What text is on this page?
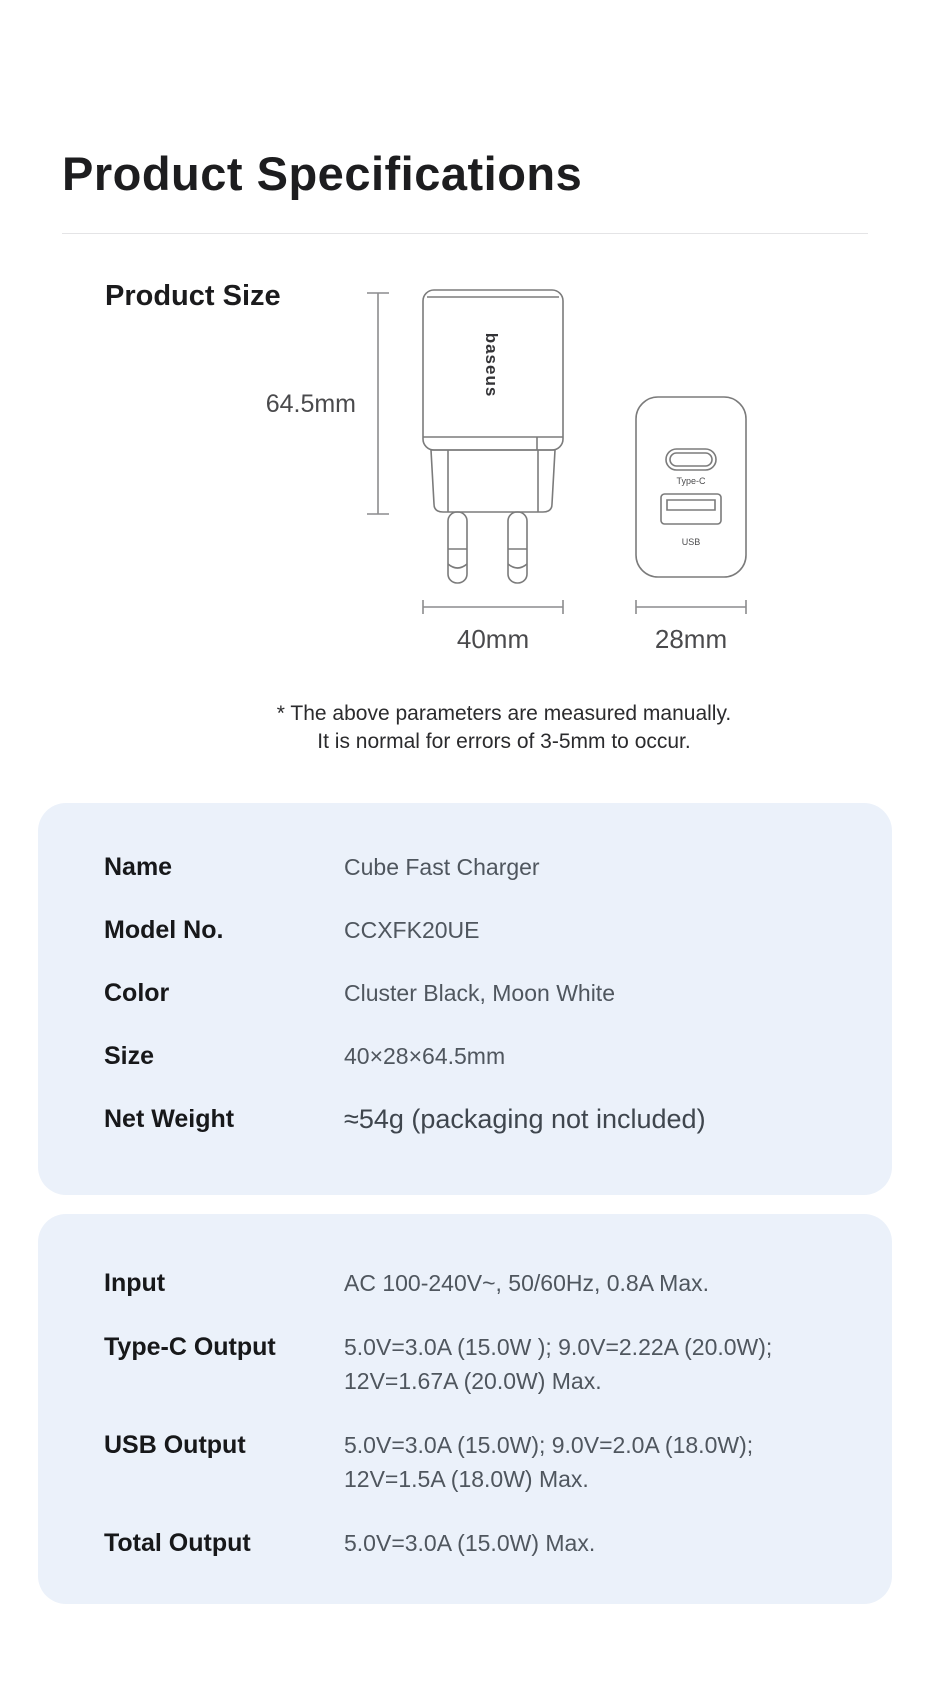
Product Specifications
Product Size
baseus
Type-C
USB
64.5mm
40mm	28mm
* The above parameters are measured manually.
It is normal for errors of 3-5mm to occur.
Name	Cube Fast Charger
Model No.	CCXFK20UE
Color	Cluster Black, Moon White
Size	40×28×64.5mm
Net Weight	≈54g (packaging not included)
Input	AC 100-240V~, 50/60Hz, 0.8A Max.
Type-C Output	5.0V=3.0A (15.0W ); 9.0V=2.22A (20.0W);
12V=1.67A (20.0W) Max.
USB Output	5.0V=3.0A (15.0W); 9.0V=2.0A (18.0W);
12V=1.5A (18.0W) Max.
Total Output	5.0V=3.0A (15.0W) Max.
